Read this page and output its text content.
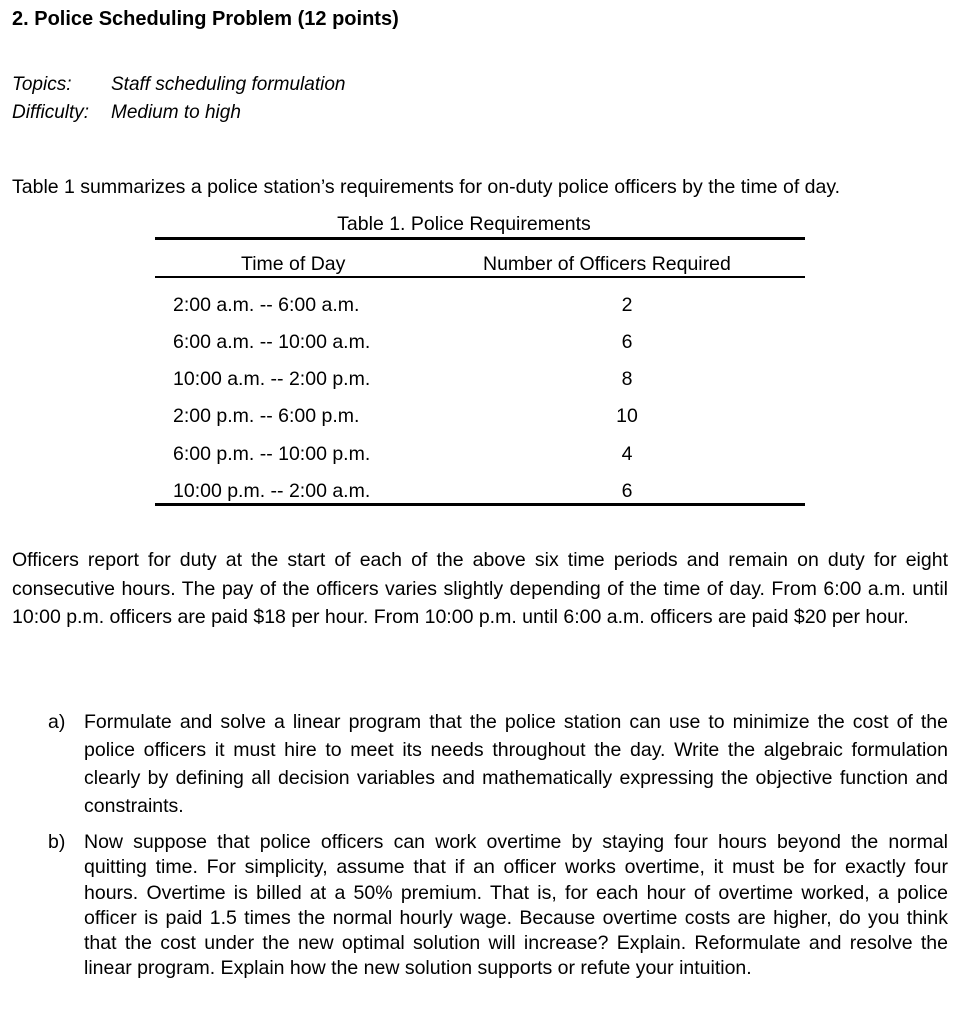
2. Police Scheduling Problem (12 points)
Topics: Staff scheduling formulation
Difficulty: Medium to high
Table 1 summarizes a police station’s requirements for on-duty police officers by the time of day.
Table 1. Police Requirements
Time of Day	Number of Officers Required
2:00 a.m. -- 6:00 a.m.	2
6:00 a.m. -- 10:00 a.m.	6
10:00 a.m. -- 2:00 p.m.	8
2:00 p.m. -- 6:00 p.m.	10
6:00 p.m. -- 10:00 p.m.	4
10:00 p.m. -- 2:00 a.m.	6
Officers report for duty at the start of each of the above six time periods and remain on duty for eight consecutive hours. The pay of the officers varies slightly depending of the time of day. From 6:00 a.m. until 10:00 p.m. officers are paid $18 per hour. From 10:00 p.m. until 6:00 a.m. officers are paid $20 per hour.
a) Formulate and solve a linear program that the police station can use to minimize the cost of the police officers it must hire to meet its needs throughout the day. Write the algebraic formulation clearly by defining all decision variables and mathematically expressing the objective function and constraints.
b) Now suppose that police officers can work overtime by staying four hours beyond the normal quitting time. For simplicity, assume that if an officer works overtime, it must be for exactly four hours. Overtime is billed at a 50% premium. That is, for each hour of overtime worked, a police officer is paid 1.5 times the normal hourly wage. Because overtime costs are higher, do you think that the cost under the new optimal solution will increase? Explain. Reformulate and resolve the linear program. Explain how the new solution supports or refute your intuition.
